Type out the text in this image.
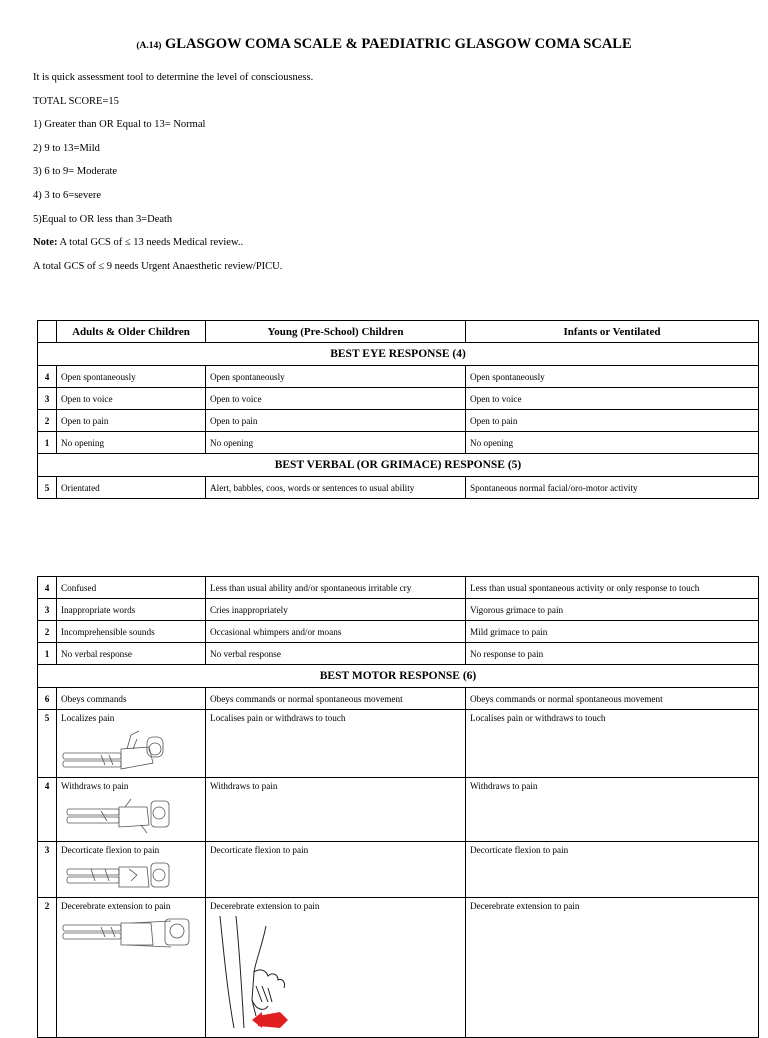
(A.14) GLASGOW COMA SCALE & PAEDIATRIC GLASGOW COMA SCALE

It is quick assessment tool to determine the level of consciousness.

TOTAL SCORE=15

1) Greater than OR Equal to 13= Normal

2) 9 to 13=Mild

3) 6 to 9= Moderate

4) 3 to 6=severe

5)Equal to OR less than 3=Death

Note: A total GCS of ≤ 13 needs Medical review..

A total GCS of ≤ 9 needs Urgent Anaesthetic review/PICU.

	Adults & Older Children	Young (Pre-School) Children	Infants or Ventilated
BEST EYE RESPONSE (4)			
4	Open spontaneously	Open spontaneously	Open spontaneously
3	Open to voice	Open to voice	Open to voice
2	Open to pain	Open to pain	Open to pain
1	No opening	No opening	No opening
BEST VERBAL (OR GRIMACE) RESPONSE (5)			
5	Orientated	Alert, babbles, coos, words or sentences to usual ability	Spontaneous normal facial/oro-motor activity
4	Confused	Less than usual ability and/or spontaneous irritable cry	Less than usual spontaneous activity or only response to touch
3	Inappropriate words	Cries inappropriately	Vigorous grimace to pain
2	Incomprehensible sounds	Occasional whimpers and/or moans	Mild grimace to pain
1	No verbal response	No verbal response	No response to pain
BEST MOTOR RESPONSE (6)			
6	Obeys commands	Obeys commands or normal spontaneous movement	Obeys commands or normal spontaneous movement
5	Localizes pain	Localises pain or withdraws to touch	Localises pain or withdraws to touch
4	Withdraws to pain	Withdraws to pain	Withdraws to pain
3	Decorticate flexion to pain	Decorticate flexion to pain	Decorticate flexion to pain
2	Decerebrate extension to pain	Decerebrate extension to pain	Decerebrate extension to pain
